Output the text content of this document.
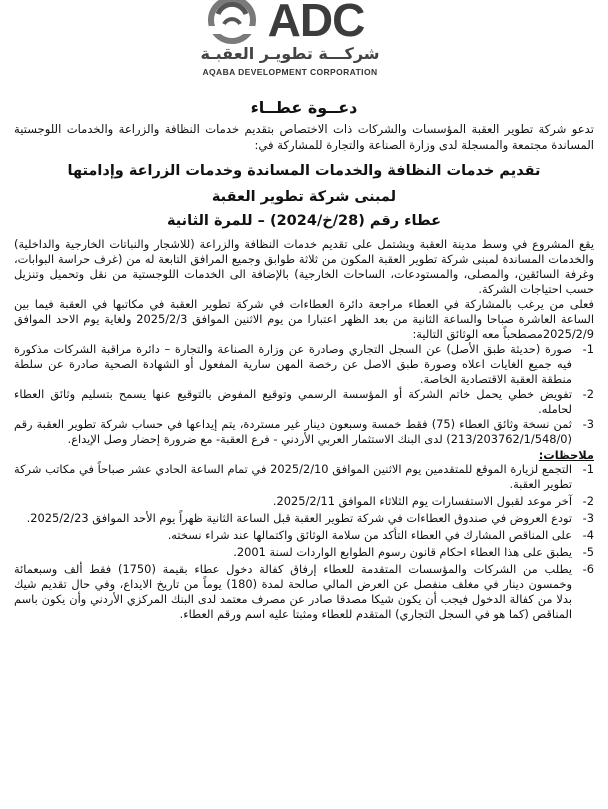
ADC
شركـــة تطويـر العقبـة
AQABA DEVELOPMENT CORPORATION
دعــوة عطــاء

تدعو شركة تطوير العقبة المؤسسات والشركات ذات الاختصاص بتقديم خدمات النظافة والزراعة والخدمات اللوجستية المساندة مجتمعة والمسجلة لدى وزارة الصناعة والتجارة للمشاركة في:

تقديم خدمات النظافة والخدمات المساندة وخدمات الزراعة وإدامتها
لمبنى شركة تطوير العقبة
عطاء رقم (28/خ/2024) – للمرة الثانية

يقع المشروع في وسط مدينة العقبة ويشتمل على تقديم خدمات النظافة والزراعة (للاشجار والنباتات الخارجية والداخلية) والخدمات المساندة لمبنى شركة تطوير العقبة المكون من ثلاثة طوابق وجميع المرافق التابعة له من (غرف حراسة البوابات، وغرفة السائقين، والمصلى، والمستودعات، الساحات الخارجية) بالإضافة الى الخدمات اللوجستية من نقل وتحميل وتنزيل حسب احتياجات الشركة.

فعلى من يرغب بالمشاركة في العطاء مراجعة دائرة العطاءات في شركة تطوير العقبة في مكاتبها في العقبة فيما بين الساعة العاشرة صباحا والساعة الثانية من بعد الظهر اعتبارا من يوم الاثنين الموافق 2025/2/3 ولغاية يوم الاحد الموافق 2025/2/9مصطحباً معه الوثائق التالية:

-1
صورة (حديثة طبق الأصل) عن السجل التجاري وصادرة عن وزارة الصناعة والتجارة – دائرة مراقبة الشركات مذكورة فيه جميع الغايات اعلاه وصورة طبق الاصل عن رخصة المهن سارية المفعول أو الشهادة الصحية صادرة عن سلطة منطقة العقبة الاقتصادية الخاصة.
-2
تفويض خطي يحمل خاتم الشركة أو المؤسسة الرسمي وتوقيع المفوض بالتوقيع عنها يسمح بتسليم وثائق العطاء لحامله.
-3
ثمن نسخة وثائق العطاء (75) فقط خمسة وسبعون دينار غير مستردة، يتم إيداعها في حساب شركة تطوير العقبة رقم (213/203762/1/548/0) لدى البنك الاستثمار العربي الأردني - فرع العقبة- مع ضرورة إحضار وصل الإيداع.
ملاحظات:
-1
التجمع لزيارة الموقع للمتقدمين يوم الاثنين الموافق 2025/2/10 في تمام الساعة الحادي عشر صباحاً في مكاتب شركة تطوير العقبة.
-2
آخر موعد لقبول الاستفسارات يوم الثلاثاء الموافق 2025/2/11.
-3
تودع العروض في صندوق العطاءات في شركة تطوير العقبة قبل الساعة الثانية ظهراً يوم الأحد الموافق 2025/2/23.
-4
على المناقص المشارك في العطاء التأكد من سلامة الوثائق واكتمالها عند شراء نسخته.
-5
يطبق على هذا العطاء احكام قانون رسوم الطوابع الواردات لسنة 2001.
-6
يطلب من الشركات والمؤسسات المتقدمة للعطاء إرفاق كفالة دخول عطاء بقيمة (1750) فقط ألف وسبعمائة وخمسون دينار في مغلف منفصل عن العرض المالي صالحة لمدة (180) يوماً من تاريخ الايداع، وفي حال تقديم شيك بدلا من كفالة الدخول فيجب أن يكون شيكا مصدقا صادر عن مصرف معتمد لدى البنك المركزي الأردني وأن يكون باسم المناقص (كما هو في السجل التجاري) المتقدم للعطاء ومثبتا عليه اسم ورقم العطاء.
